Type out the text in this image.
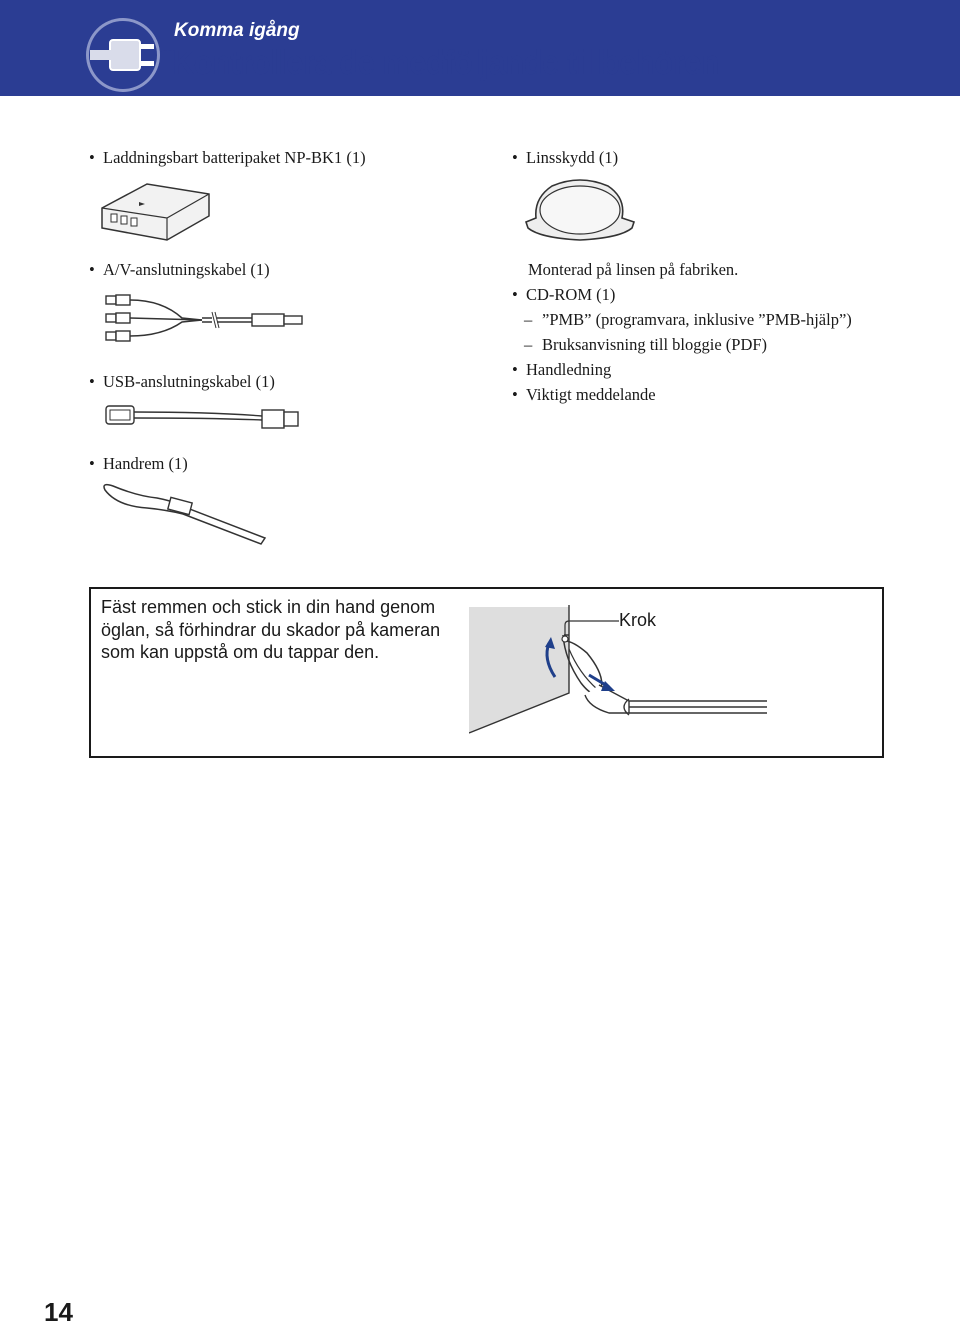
Komma igång
Kontrollera de medföljande tillbehören
• Laddningsbart batteripaket NP-BK1 (1)
• A/V-anslutningskabel (1)
• USB-anslutningskabel (1)
• Handrem (1)
• Linsskydd (1)
Monterad på linsen på fabriken.
• CD-ROM (1)
– ”PMB” (programvara, inklusive ”PMB-hjälp”)
– Bruksanvisning till bloggie (PDF)
• Handledning
• Viktigt meddelande
Fäst remmen och stick in din hand genom öglan, så förhindrar du skador på kameran som kan uppstå om du tappar den.
Krok
14
